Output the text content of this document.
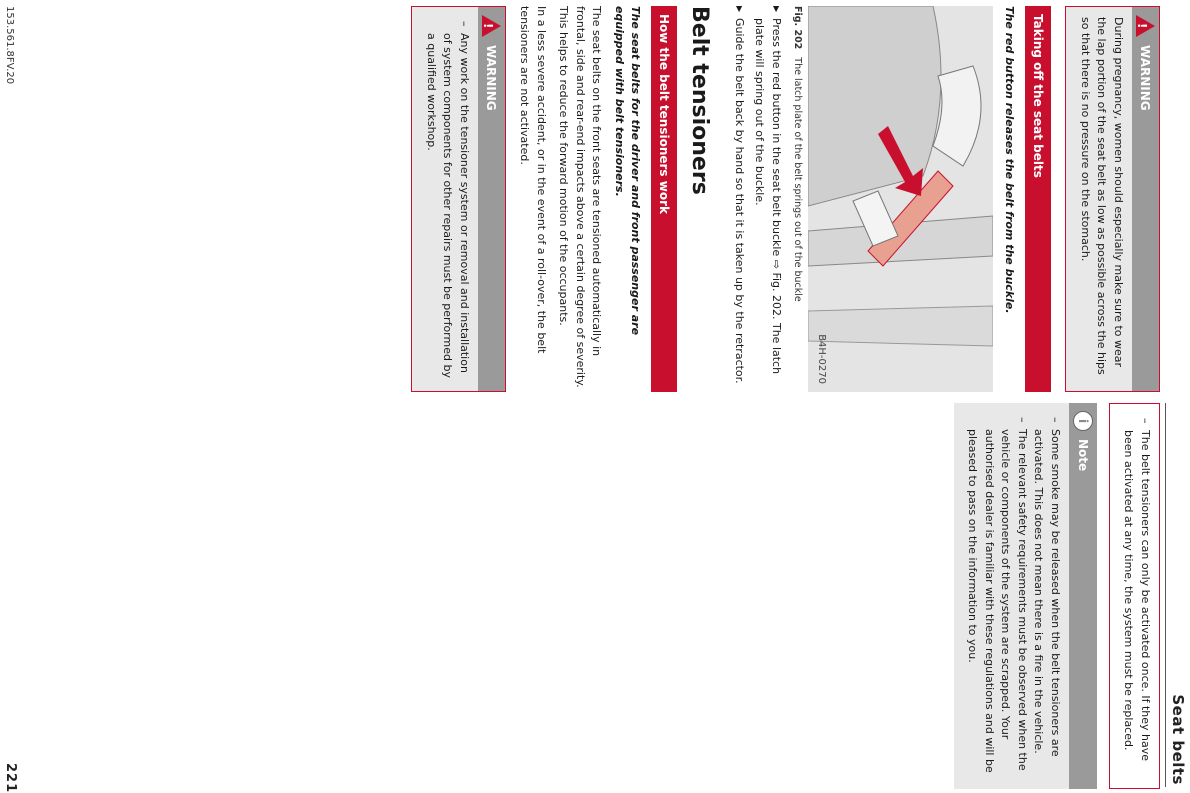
Seat belts
153.561.8FV.20
221
!
WARNING
During pregnancy, women should especially make sure to wear the lap portion of the seat belt as low as possible across the hips so that there is no pressure on the stomach.
Taking off the seat belts
The red button releases the belt from the buckle.
B4H-0270
Fig. 202The latch plate of the belt springs out of the buckle
▶ Press the red button in the seat belt buckle ⇨ Fig. 202. The latch plate will spring out of the buckle.
▶ Guide the belt back by hand so that it is taken up by the retractor.
Belt tensioners
How the belt tensioners work
The seat belts for the driver and front passenger are equipped with belt tensioners.
The seat belts on the front seats are tensioned automatically in frontal, side and rear-end impacts above a certain degree of severity. This helps to reduce the forward motion of the occupants.
In a less severe accident, or in the event of a roll-over, the belt tensioners are not activated.
!
WARNING
– Any work on the tensioner system or removal and installation of system components for other repairs must be performed by a qualified workshop.
– The belt tensioners can only be activated once. If they have been activated at any time, the system must be replaced.
i
Note
– Some smoke may be released when the belt tensioners are activated. This does not mean there is a fire in the vehicle.
– The relevant safety requirements must be observed when the vehicle or components of the system are scrapped. Your authorised dealer is familiar with these regulations and will be pleased to pass on the information to you.
